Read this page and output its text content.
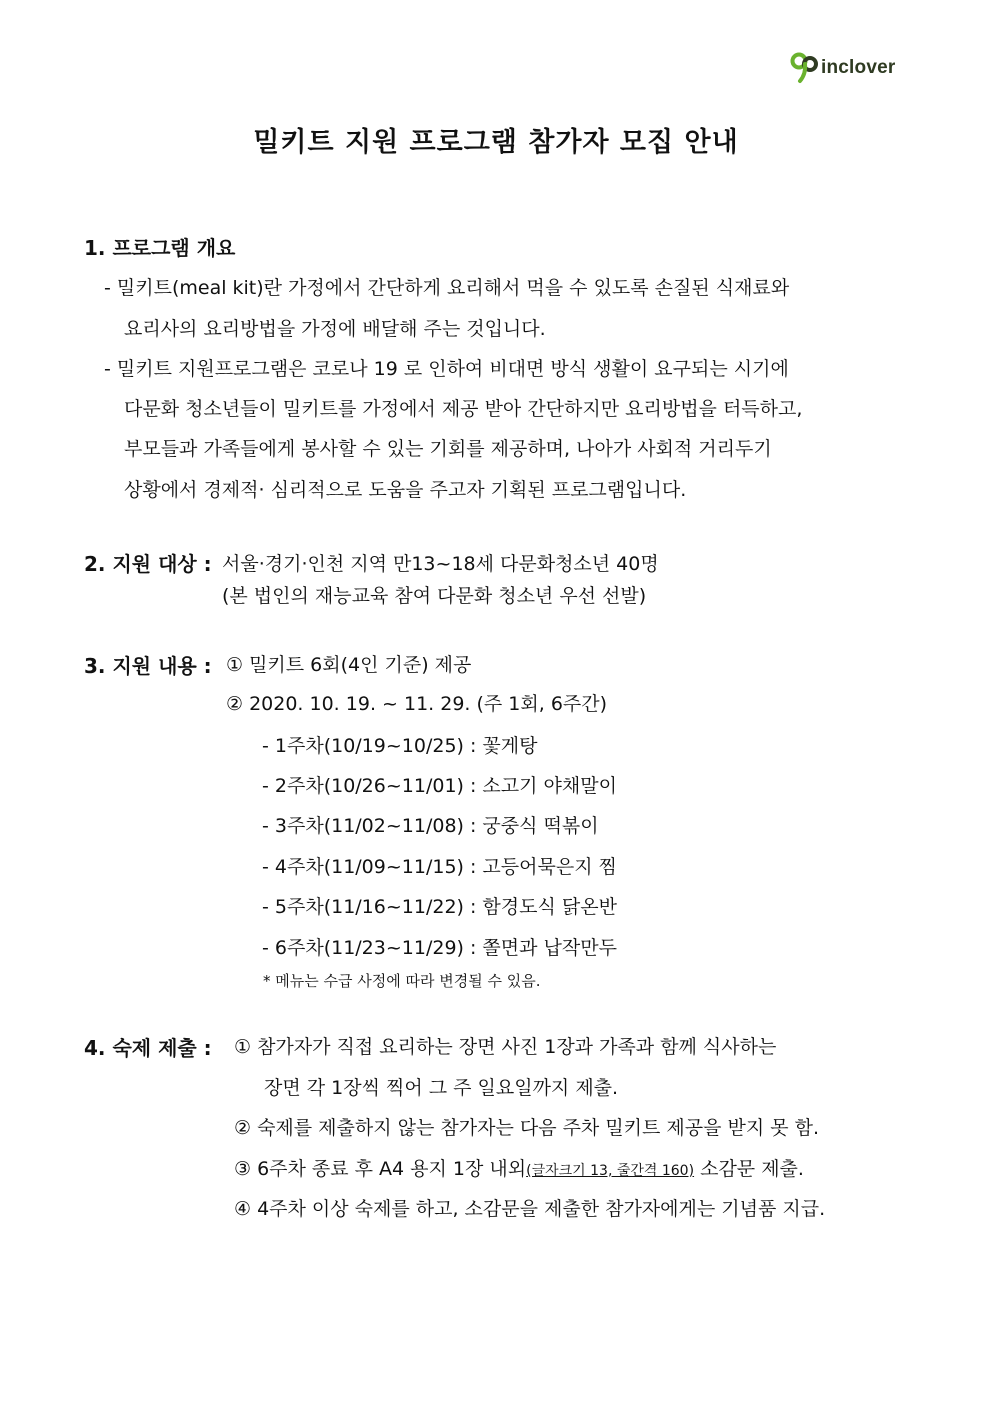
inclover
밀키트 지원 프로그램 참가자 모집 안내
1. 프로그램 개요
- 밀키트(meal kit)란 가정에서 간단하게 요리해서 먹을 수 있도록 손질된 식재료와
요리사의 요리방법을 가정에 배달해 주는 것입니다.
- 밀키트 지원프로그램은 코로나 19 로 인하여 비대면 방식 생활이 요구되는 시기에
다문화 청소년들이 밀키트를 가정에서 제공 받아 간단하지만 요리방법을 터득하고,
부모들과 가족들에게 봉사할 수 있는 기회를 제공하며, 나아가 사회적 거리두기
상황에서 경제적· 심리적으로 도움을 주고자 기획된 프로그램입니다.
2. 지원 대상 : 서울·경기·인천 지역 만13~18세 다문화청소년 40명
(본 법인의 재능교육 참여 다문화 청소년 우선 선발)
3. 지원 내용 : ① 밀키트 6회(4인 기준) 제공
② 2020. 10. 19. ~ 11. 29. (주 1회, 6주간)
- 1주차(10/19~10/25) : 꽃게탕
- 2주차(10/26~11/01) : 소고기 야채말이
- 3주차(11/02~11/08) : 궁중식 떡볶이
- 4주차(11/09~11/15) : 고등어묵은지 찜
- 5주차(11/16~11/22) : 함경도식 닭온반
- 6주차(11/23~11/29) : 쫄면과 납작만두
* 메뉴는 수급 사정에 따라 변경될 수 있음.
4. 숙제 제출 : ① 참가자가 직접 요리하는 장면 사진 1장과 가족과 함께 식사하는
장면 각 1장씩 찍어 그 주 일요일까지 제출.
② 숙제를 제출하지 않는 참가자는 다음 주차 밀키트 제공을 받지 못 함.
③ 6주차 종료 후 A4 용지 1장 내외(글자크기 13, 줄간격 160) 소감문 제출.
④ 4주차 이상 숙제를 하고, 소감문을 제출한 참가자에게는 기념품 지급.
